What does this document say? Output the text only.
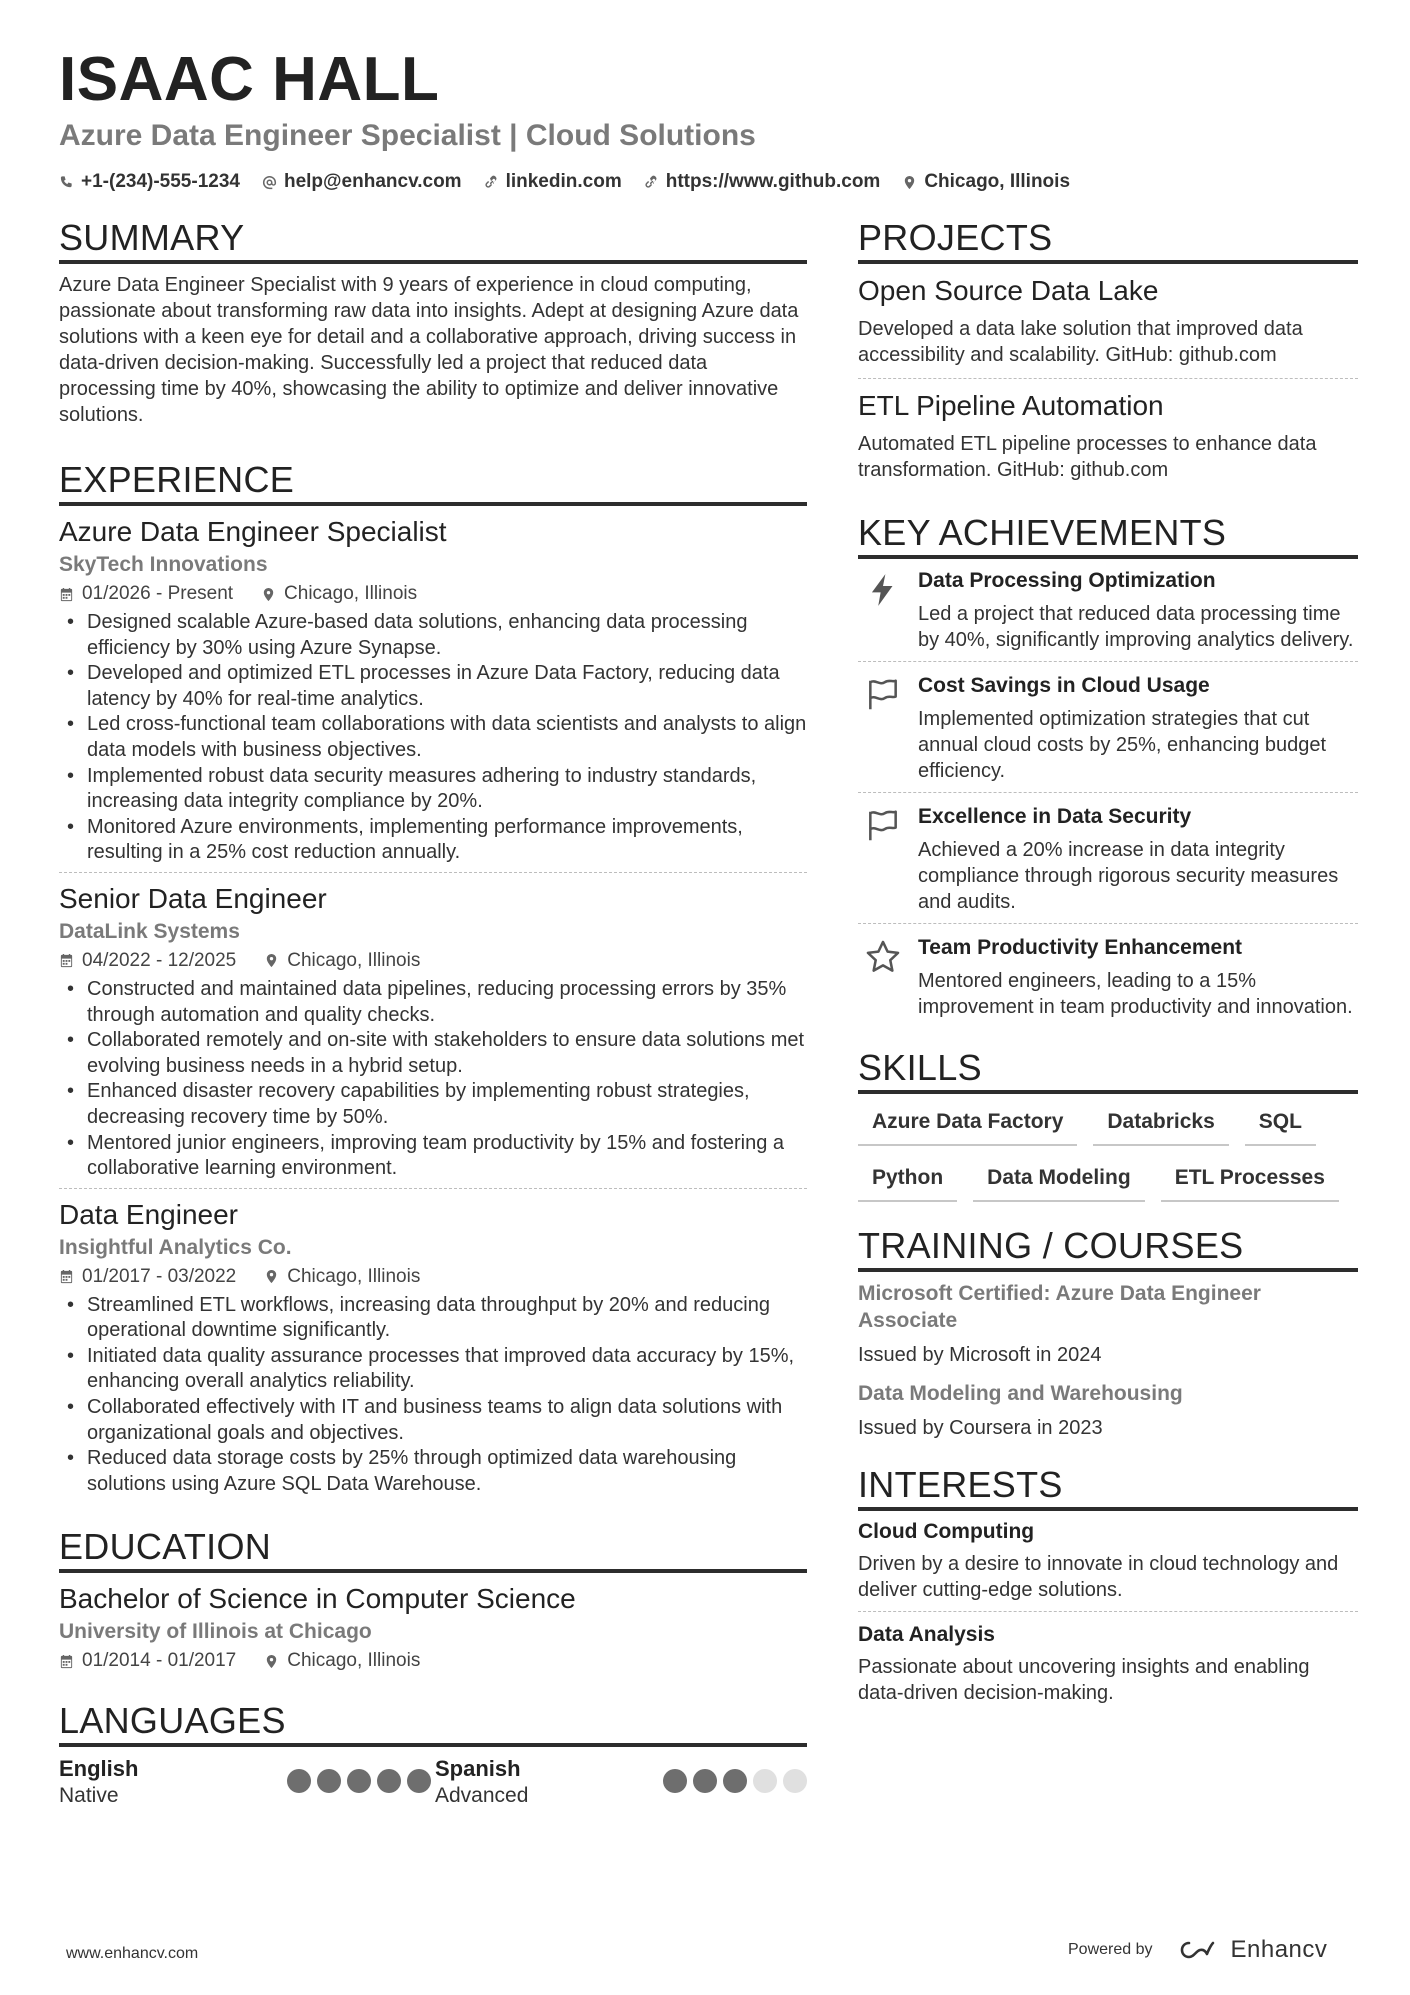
ISAAC HALL
Azure Data Engineer Specialist | Cloud Solutions
+1-(234)-555-1234 help@enhancv.com linkedin.com https://www.github.com Chicago, Illinois
SUMMARY

Azure Data Engineer Specialist with 9 years of experience in cloud computing, passionate about transforming raw data into insights. Adept at designing Azure data solutions with a keen eye for detail and a collaborative approach, driving success in data-driven decision-making. Successfully led a project that reduced data processing time by 40%, showcasing the ability to optimize and deliver innovative solutions.

EXPERIENCE
Azure Data Engineer Specialist
SkyTech Innovations
01/2026 - Present	Chicago, Illinois
• Designed scalable Azure-based data solutions, enhancing data processing efficiency by 30% using Azure Synapse.
• Developed and optimized ETL processes in Azure Data Factory, reducing data latency by 40% for real-time analytics.
• Led cross-functional team collaborations with data scientists and analysts to align data models with business objectives.
• Implemented robust data security measures adhering to industry standards, increasing data integrity compliance by 20%.
• Monitored Azure environments, implementing performance improvements, resulting in a 25% cost reduction annually.
Senior Data Engineer
DataLink Systems
04/2022 - 12/2025	Chicago, Illinois
• Constructed and maintained data pipelines, reducing processing errors by 35% through automation and quality checks.
• Collaborated remotely and on-site with stakeholders to ensure data solutions met evolving business needs in a hybrid setup.
• Enhanced disaster recovery capabilities by implementing robust strategies, decreasing recovery time by 50%.
• Mentored junior engineers, improving team productivity by 15% and fostering a collaborative learning environment.
Data Engineer
Insightful Analytics Co.
01/2017 - 03/2022	Chicago, Illinois
• Streamlined ETL workflows, increasing data throughput by 20% and reducing operational downtime significantly.
• Initiated data quality assurance processes that improved data accuracy by 15%, enhancing overall analytics reliability.
• Collaborated effectively with IT and business teams to align data solutions with organizational goals and objectives.
• Reduced data storage costs by 25% through optimized data warehousing solutions using Azure SQL Data Warehouse.
EDUCATION
Bachelor of Science in Computer Science
University of Illinois at Chicago
01/2014 - 01/2017	Chicago, Illinois
LANGUAGES
English
Native
Spanish
Advanced
PROJECTS
Open Source Data Lake
Developed a data lake solution that improved data accessibility and scalability. GitHub: github.com
ETL Pipeline Automation
Automated ETL pipeline processes to enhance data transformation. GitHub: github.com
KEY ACHIEVEMENTS
Data Processing Optimization
Led a project that reduced data processing time by 40%, significantly improving analytics delivery.
Cost Savings in Cloud Usage
Implemented optimization strategies that cut annual cloud costs by 25%, enhancing budget efficiency.
Excellence in Data Security
Achieved a 20% increase in data integrity compliance through rigorous security measures and audits.
Team Productivity Enhancement
Mentored engineers, leading to a 15% improvement in team productivity and innovation.
SKILLS
Azure Data Factory	Databricks	SQL
Python	Data Modeling	ETL Processes
TRAINING / COURSES
Microsoft Certified: Azure Data Engineer Associate
Issued by Microsoft in 2024
Data Modeling and Warehousing
Issued by Coursera in 2023
INTERESTS
Cloud Computing
Driven by a desire to innovate in cloud technology and deliver cutting-edge solutions.
Data Analysis
Passionate about uncovering insights and enabling data-driven decision-making.
www.enhancv.com	Powered by	Enhancv
